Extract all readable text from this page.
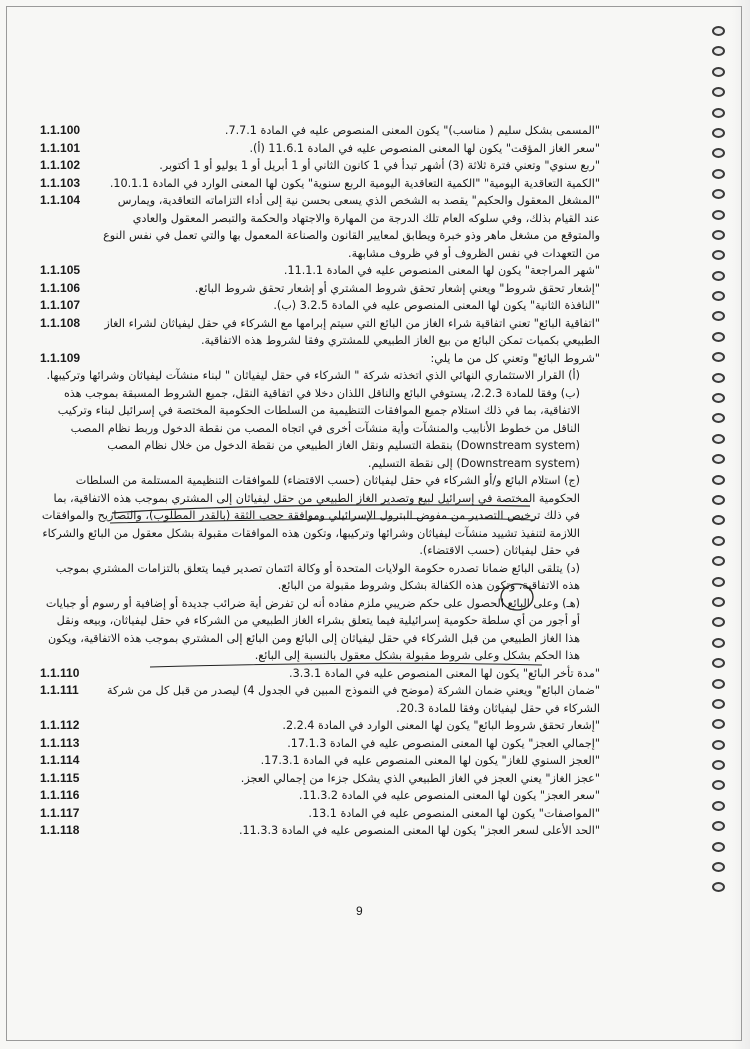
"المسمى بشكل سليم ( مناسب)" يكون المعنى المنصوص عليه في المادة 7.7.1.
1.1.100
"سعر الغاز المؤقت" يكون لها المعنى المنصوص عليه في المادة 11.6.1 (أ).
1.1.101
"ربع سنوي" وتعني فترة ثلاثة (3) أشهر تبدأ في 1 كانون الثاني أو 1 أبريل أو 1 يوليو أو 1 أكتوبر.
1.1.102
"الكمية التعاقدية اليومية" "الكمية التعاقدية اليومية الربع سنوية" يكون لها المعنى الوارد في المادة 10.1.1.
1.1.103
"المشغل المعقول والحكيم" يقصد به الشخص الذي يسعى بحسن نية إلى أداء التزاماته التعاقدية، ويمارس عند القيام بذلك، وفي سلوكه العام تلك الدرجة من المهارة والاجتهاد والحكمة والتبصر المعقول والعادي والمتوقع من مشغل ماهر وذو خبرة ويطابق لمعايير القانون والصناعة المعمول بها والتي تعمل في نفس النوع من التعهدات في نفس الظروف أو في ظروف مشابهة.
1.1.104
"شهر المراجعة" يكون لها المعنى المنصوص عليه في المادة 11.1.1.
1.1.105
"إشعار تحقق شروط" ويعني إشعار تحقق شروط المشتري أو إشعار تحقق شروط البائع.
1.1.106
"النافذة الثانية" يكون لها المعنى المنصوص عليه في المادة 3.2.5 (ب).
1.1.107
"اتفاقية البائع" تعني اتفاقية شراء الغاز من البائع التي سيتم إبرامها مع الشركاء في حقل ليفياثان لشراء الغاز الطبيعي بكميات تمكن البائع من بيع الغاز الطبيعي للمشتري وفقا لشروط هذه الاتفاقية.
1.1.108
"شروط البائع" وتعني كل من ما يلي:
1.1.109
(أ) القرار الاستثماري النهائي الذي اتخذته شركة " الشركاء في حقل ليفياثان " لبناء منشآت ليفياثان وشرائها وتركيبها.
(ب) وفقا للمادة 2.2.3، يستوفي البائع والناقل اللذان دخلا في اتفاقية النقل، جميع الشروط المسبقة بموجب هذه الاتفاقية، بما في ذلك استلام جميع الموافقات التنظيمية من السلطات الحكومية المختصة في إسرائيل لبناء وتركيب الناقل من خطوط الأنابيب والمنشآت وأية منشآت أخرى في اتجاه المصب من نقطة الدخول وربط نظام المصب (Downstream system) بنقطة التسليم ونقل الغاز الطبيعي من نقطة الدخول من خلال نظام المصب (Downstream system) إلى نقطة التسليم.
(ج) استلام البائع و/أو الشركاء في حقل ليفياثان (حسب الاقتضاء) للموافقات التنظيمية المستلمة من السلطات الحكومية المختصة في إسرائيل لبيع وتصدير الغاز الطبيعي من حقل ليفياثان إلى المشتري بموجب هذه الاتفاقية، بما في ذلك ترخيص التصدير من مفوض البترول الإسرائيلي وموافقة حجب الثقة (بالقدر المطلوب)، والتصاريح والموافقات اللازمة لتنفيذ تشييد منشآت ليفياثان وشرائها وتركيبها، وتكون هذه الموافقات مقبولة بشكل معقول من البائع والشركاء في حقل ليفياثان (حسب الاقتضاء).
(د) يتلقى البائع ضمانا تصدره حكومة الولايات المتحدة أو وكالة ائتمان تصدير فيما يتعلق بالتزامات المشتري بموجب هذه الاتفاقية، وتكون هذه الكفالة بشكل وشروط مقبولة من البائع.
(هـ) وعلى البائع الحصول على حكم ضريبي ملزم مفاده أنه لن تفرض أية ضرائب جديدة أو إضافية أو رسوم أو جبايات أو أجور من أي سلطة حكومية إسرائيلية فيما يتعلق بشراء الغاز الطبيعي من الشركاء في حقل ليفياثان، وبيعه ونقل هذا الغاز الطبيعي من قبل الشركاء في حقل ليفياثان إلى البائع ومن البائع إلى المشتري بموجب هذه الاتفاقية، ويكون هذا الحكم بشكل وعلى شروط مقبولة بشكل معقول بالنسبة إلى البائع.
"مدة تأخر البائع" يكون لها المعنى المنصوص عليه في المادة 3.3.1.
1.1.110
"ضمان البائع" ويعني ضمان الشركة (موضح في النموذج المبين في الجدول 4) ليصدر من قبل كل من شركة الشركاء في حقل ليفياثان وفقا للمادة 20.3.
1.1.111
"إشعار تحقق شروط البائع" يكون لها المعنى الوارد في المادة 2.2.4.
1.1.112
"إجمالي العجز" يكون لها المعنى المنصوص عليه في المادة 17.1.3.
1.1.113
"العجز السنوي للغاز" يكون لها المعنى المنصوص عليه في المادة 17.3.1.
1.1.114
"عجز الغاز" يعني العجز في الغاز الطبيعي الذي يشكل جزءا من إجمالي العجز.
1.1.115
"سعر العجز" يكون لها المعنى المنصوص عليه في المادة 11.3.2.
1.1.116
"المواصفات" يكون لها المعنى المنصوص عليه في المادة 13.1.
1.1.117
"الحد الأعلى لسعر العجز" يكون لها المعنى المنصوص عليه في المادة 11.3.3.
1.1.118
9
